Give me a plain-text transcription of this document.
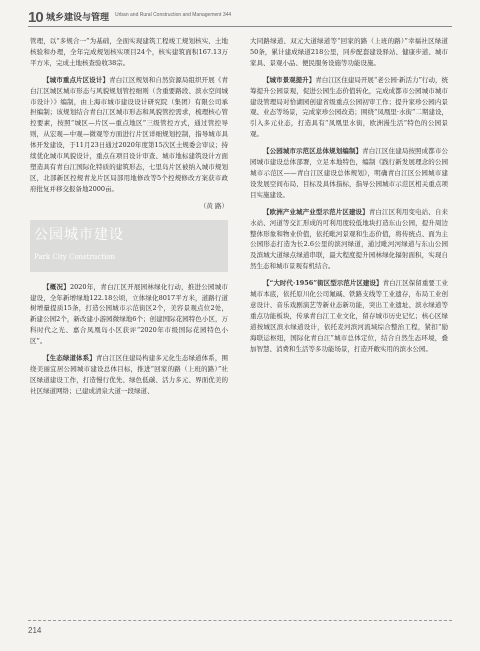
10 城乡建设与管理 Urban and Rural Construction and Management 344

管理，以“多规合一”为基础，全面实现建筑工程竣工规划核实、土地核验和办理，全年完成规划核实项目24个，核实建筑面积167.13万平方米，完成土地核查验收38宗。

【城市重点片区设计】青白江区规划和自然资源局组织开展《青白江区城区城市形态与风貌规划管控细则（含重要路段、滨水空间城市设计）》编制，由上海市城市建设设计研究院（集团）有限公司承担编制；该规划结合青白江区城市形态和风貌管控需求，梳理核心管控要素，按照“城区—片区—重点地区”三级管控方式，通过管控导则，从宏观—中观—微观等方面进行片区详细规划控制，指导城市具体开发建设，于11月23日通过2020年度第15次区土规委会审议；持续优化城市风貌设计，重点在项目设计审查、城市地标建筑设计方面塑造具有青白江国际化特质的建筑形态，七里岛片区被纳入城市规划区，北部新区控规青龙片区局部用地修改等5个控规修改方案获市政府批复并移交报备地2000亩。

（黄 路）
公园城市建设
Park City Construction

【概况】2020年，青白江区开展园林绿化行动，推进公园城市建设，全年新增绿地122.18公顷，立体绿化8017平方米，道路行道树增量提质15条，打造公园城市示范街区2个，美容景观点位2处，新建公园2个，新改建小游园微绿地6个；创建国际花园特色小区，万科时代之光、嘉合凤凰岛小区获评“2020年市级国际花园特色小区”。

【生态绿道体系】青白江区住建局构建多元化生态绿道体系，围绕美丽宜居公园城市建设总体目标，推进“回家的路（上班的路）”社区绿道建设工作，打造慢行优先、绿色低碳、活力多元、界面优美的社区绿道网络；已建成清泉大道一段绿道、

大同路绿道、双元大道绿道等“回家的路（上班的路）”幸福社区绿道50条，累计建成绿道218公里，同步配套建设驿站、健康步道、城市家具、景观小品、便民服务设施等功能设施。

【城市景观提升】青白江区住建局开展“老公园·新活力”行动，统筹提升公园景观，促进公园生态价值转化，完成成都市公园城市城市建设管理局对恰湖园创建省级重点公园初审工作；提升家珍公园内景观、业态等场景，完成家珍公园改造；围绕“凤凰里·水街”二期建设，引入多元业态，打造具有“凤凰里水街，欧洲漫生活”特色的公园景观。

【公园城市示范区总体规划编制】青白江区住建局按照成都市公园城市建设总体部署，立足本地特色，编制《践行新发展理念的公园城市示范区——青白江区建设总体规划》，明确青白江区公园城市建设发展空间布局、目标及具体指标，指导公园城市示范区相关重点项目实施建设。

【欧洲产业城产业型示范片区建设】青白江区利用变电站、自来水站、河道等交汇形成的可利用度较低地块打造东山公园，提升周边整体形象和物业价值，依托毗河景观和生态价值，将传统点、面为主公园形态打造为长2.6公里的滨河绿道，通过毗河河绿道与东山公园及滨城大道绿点绿道串联，最大程度提升园林绿化辐射面积，实现自然生态和城市景观有机结合。

【“大时代·1956”街区型示范片区建设】青白江区保留重要工业城市本底，依托原川化公司氟碱、铁路支线等工业遗存，布局工业创意设计、音乐戏剧演艺等新业态新功能，突出工业遗址、滨水绿道等重点功能板块，传承青白江工业文化，留存城市历史记忆；核心区绿道按城区滨水绿道设计，依托麦河滨河流域综合整治工程，紧扣“励海联运枢纽，国际化青白江”城市总体定位，结合自然生态环境，叠加智慧、消费和生活等多功能场景，打造开敞实用的滨水公园。

214
